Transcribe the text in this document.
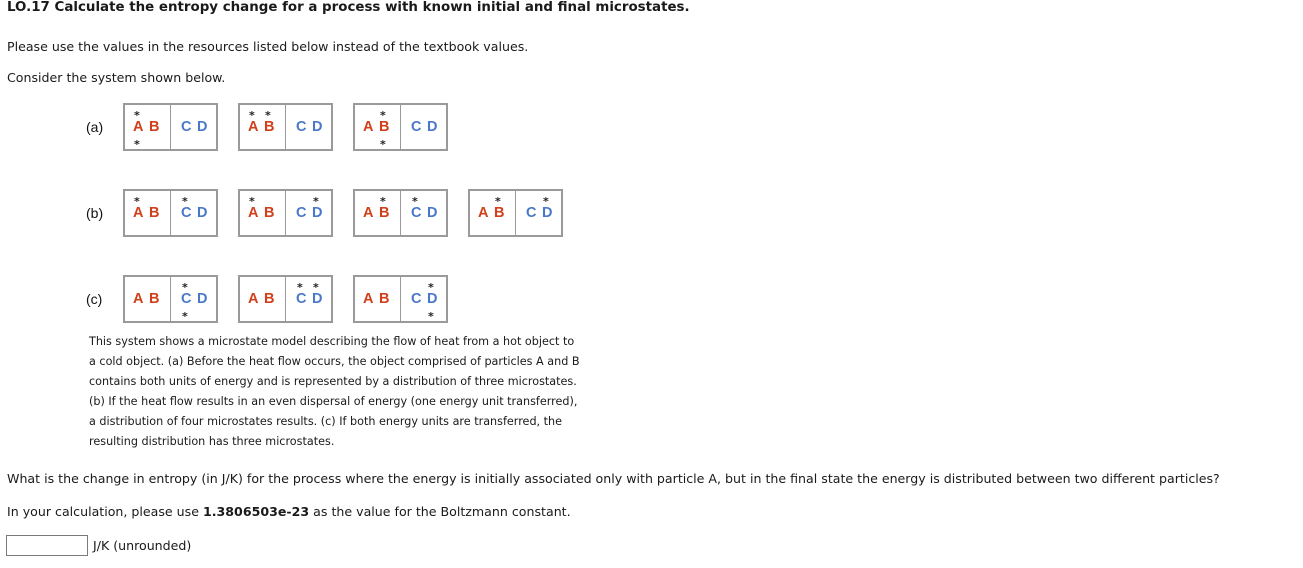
LO.17 Calculate the entropy change for a process with known initial and final microstates.
Please use the values in the resources listed below instead of the textbook values.
Consider the system shown below.
(a) A B C D
*
*
A B C D
* *
A B C D
*
*
(b) A B C D
*	*
A B C D
*	*
A B C D
* *
A B C D
*	*
(c) A B C D
*
*
A B C D
* *
A B C D
*
*
This system shows a microstate model describing the flow of heat from a hot object to
a cold object. (a) Before the heat flow occurs, the object comprised of particles A and B
contains both units of energy and is represented by a distribution of three microstates.
(b) If the heat flow results in an even dispersal of energy (one energy unit transferred),
a distribution of four microstates results. (c) If both energy units are transferred, the
resulting distribution has three microstates.
What is the change in entropy (in J/K) for the process where the energy is initially associated only with particle A, but in the final state the energy is distributed between two different particles?
In your calculation, please use 1.3806503e-23 as the value for the Boltzmann constant.
J/K (unrounded)
